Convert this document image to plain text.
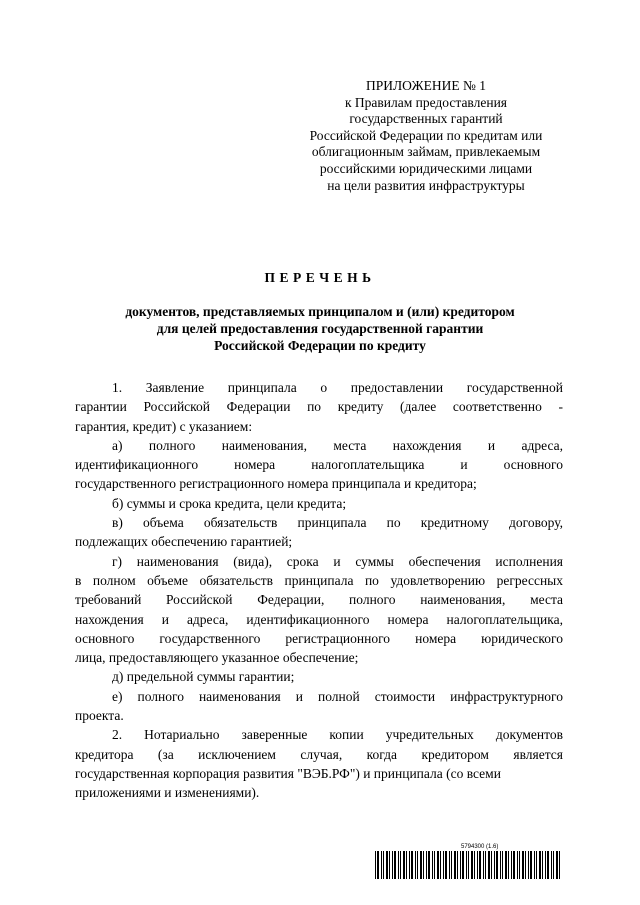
ПРИЛОЖЕНИЕ № 1
к Правилам предоставления
государственных гарантий
Российской Федерации по кредитам или
облигационным займам, привлекаемым
российскими юридическими лицами
на цели развития инфраструктуры
ПЕРЕЧЕНЬ
документов, представляемых принципалом и (или) кредитором
для целей предоставления государственной гарантии
Российской Федерации по кредиту
1. Заявление принципала о предоставлении государственной
гарантии Российской Федерации по кредиту (далее соответственно -
гарантия, кредит) с указанием:
а) полного наименования, места нахождения и адреса,
идентификационного номера налогоплательщика и основного
государственного регистрационного номера принципала и кредитора;
б) суммы и срока кредита, цели кредита;
в) объема обязательств принципала по кредитному договору,
подлежащих обеспечению гарантией;
г) наименования (вида), срока и суммы обеспечения исполнения
в полном объеме обязательств принципала по удовлетворению регрессных
требований Российской Федерации, полного наименования, места
нахождения и адреса, идентификационного номера налогоплательщика,
основного государственного регистрационного номера юридического
лица, предоставляющего указанное обеспечение;
д) предельной суммы гарантии;
е) полного наименования и полной стоимости инфраструктурного
проекта.
2. Нотариально заверенные копии учредительных документов
кредитора (за исключением случая, когда кредитором является
государственная корпорация развития "ВЭБ.РФ") и принципала (со всеми
приложениями и изменениями).
5794300 (1.6)
